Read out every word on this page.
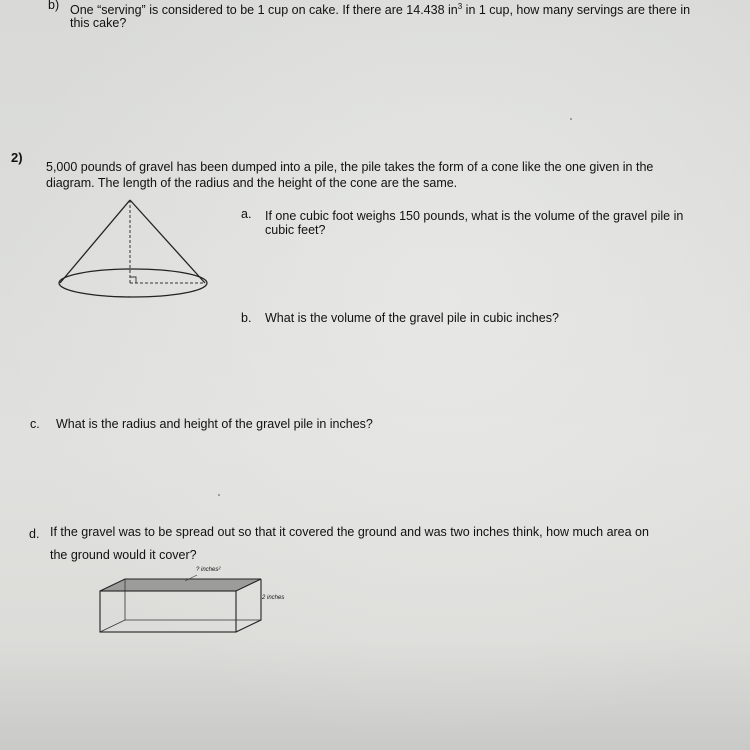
b) One “serving” is considered to be 1 cup on cake. If there are 14.438 $in^3$ in 1 cup, how many servings are there in
this cake?
2)
5,000 pounds of gravel has been dumped into a pile, the pile takes the form of a cone like the one given in the
diagram. The length of the radius and the height of the cone are the same.
a. If one cubic foot weighs 150 pounds, what is the volume of the gravel pile in
cubic feet?
b. What is the volume of the gravel pile in cubic inches?
c. What is the radius and height of the gravel pile in inches?
d. If the gravel was to be spread out so that it covered the ground and was two inches think, how much area on
the ground would it cover?
? inches²
2 inches
